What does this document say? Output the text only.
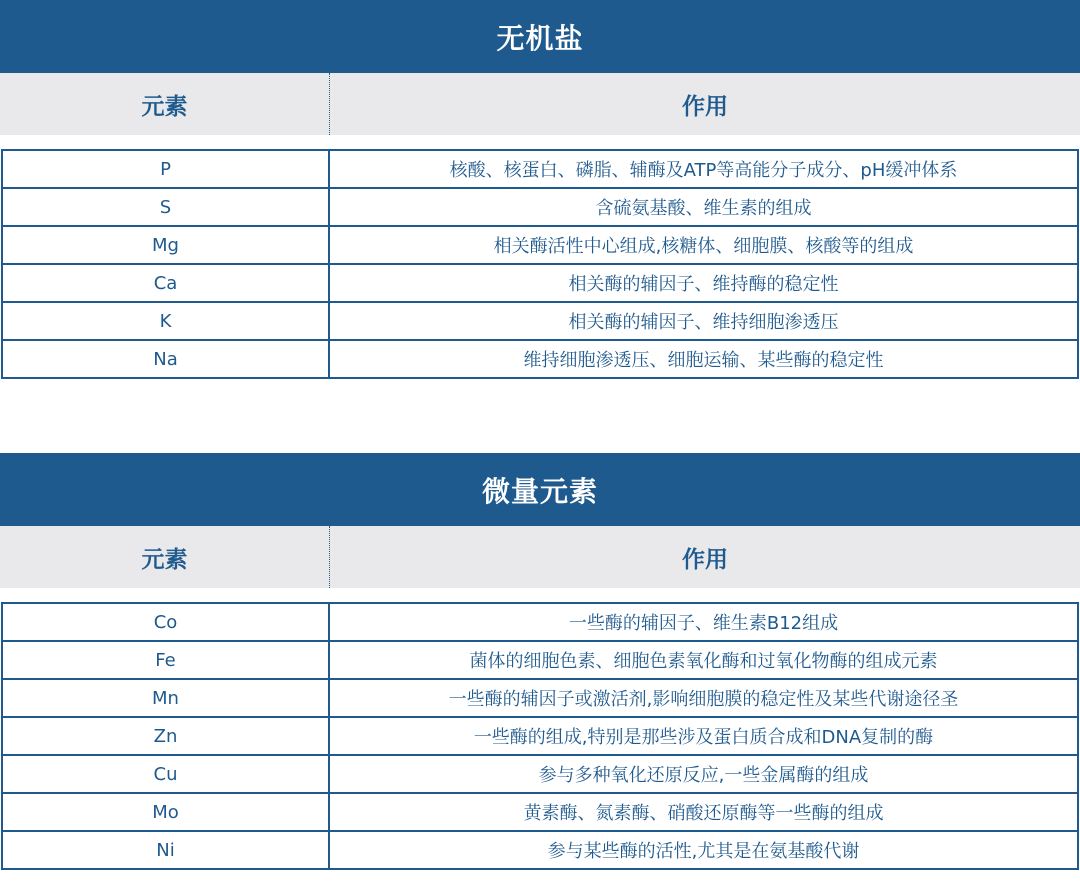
无机盐
元素	作用
P	核酸、核蛋白、磷脂、辅酶及ATP等高能分子成分、pH缓冲体系
S	含硫氨基酸、维生素的组成
Mg	相关酶活性中心组成,核糖体、细胞膜、核酸等的组成
Ca	相关酶的辅因子、维持酶的稳定性
K	相关酶的辅因子、维持细胞渗透压
Na	维持细胞渗透压、细胞运输、某些酶的稳定性
微量元素
元素	作用
Co	一些酶的辅因子、维生素B12组成
Fe	菌体的细胞色素、细胞色素氧化酶和过氧化物酶的组成元素
Mn	一些酶的辅因子或激活剂,影响细胞膜的稳定性及某些代谢途径圣
Zn	一些酶的组成,特别是那些涉及蛋白质合成和DNA复制的酶
Cu	参与多种氧化还原反应,一些金属酶的组成
Mo	黄素酶、氮素酶、硝酸还原酶等一些酶的组成
Ni	参与某些酶的活性,尤其是在氨基酸代谢
